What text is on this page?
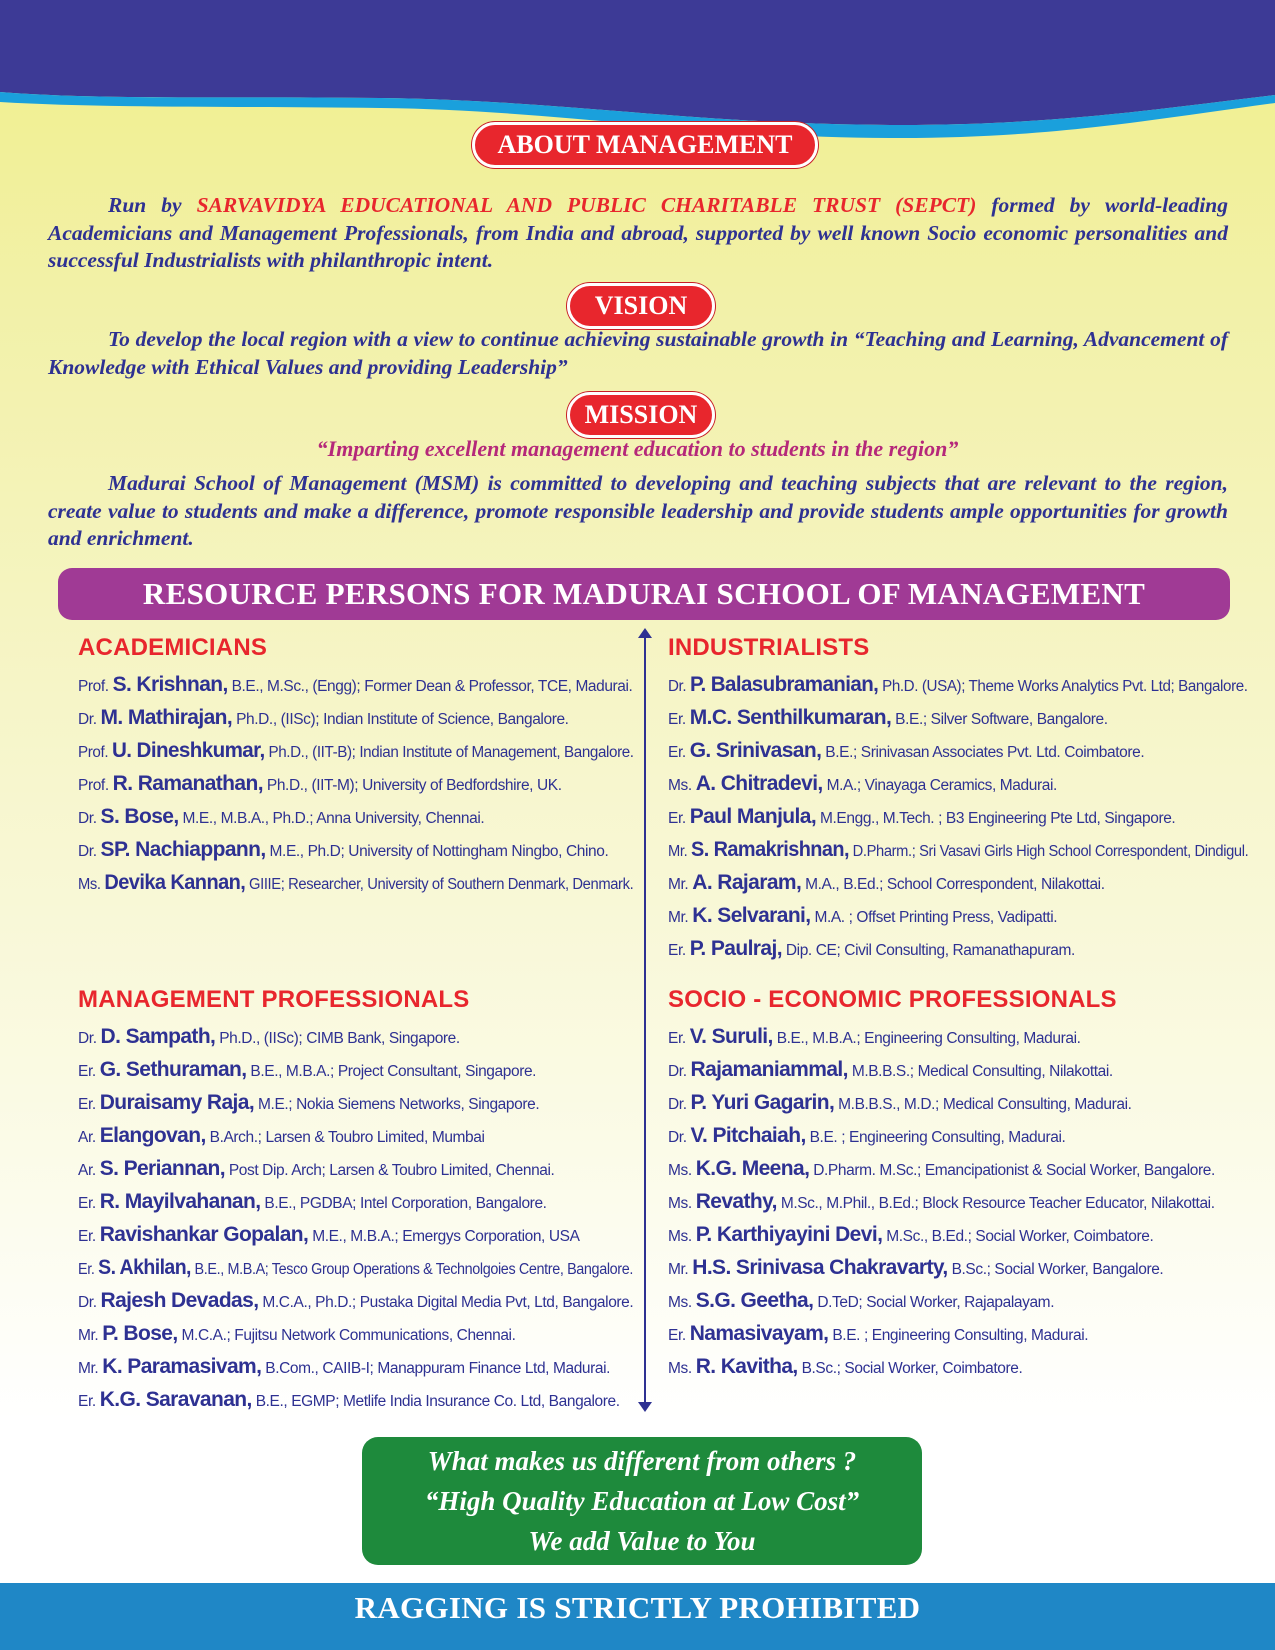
ABOUT MANAGEMENT
Run by SARVAVIDYA EDUCATIONAL AND PUBLIC CHARITABLE TRUST (SEPCT) formed by world-leading Academicians and Management Professionals, from India and abroad, supported by well known Socio economic personalities and successful Industrialists with philanthropic intent.
VISION
To develop the local region with a view to continue achieving sustainable growth in “Teaching and Learning, Advancement of Knowledge with Ethical Values and providing Leadership”
MISSION
“Imparting excellent management education to students in the region”
Madurai School of Management (MSM) is committed to developing and teaching subjects that are relevant to the region, create value to students and make a difference, promote responsible leadership and provide students ample opportunities for growth and enrichment.
RESOURCE PERSONS FOR MADURAI SCHOOL OF MANAGEMENT
ACADEMICIANS
Prof. S. Krishnan, B.E., M.Sc., (Engg); Former Dean & Professor, TCE, Madurai.
Dr. M. Mathirajan, Ph.D., (IISc); Indian Institute of Science, Bangalore.
Prof. U. Dineshkumar, Ph.D., (IIT-B); Indian Institute of Management, Bangalore.
Prof. R. Ramanathan, Ph.D., (IIT-M); University of Bedfordshire, UK.
Dr. S. Bose, M.E., M.B.A., Ph.D.; Anna University, Chennai.
Dr. SP. Nachiappann, M.E., Ph.D; University of Nottingham Ningbo, Chino.
Ms. Devika Kannan, GIIIE; Researcher, University of Southern Denmark, Denmark.
INDUSTRIALISTS
Dr. P. Balasubramanian, Ph.D. (USA); Theme Works Analytics Pvt. Ltd; Bangalore.
Er. M.C. Senthilkumaran, B.E.; Silver Software, Bangalore.
Er. G. Srinivasan, B.E.; Srinivasan Associates Pvt. Ltd. Coimbatore.
Ms. A. Chitradevi, M.A.; Vinayaga Ceramics, Madurai.
Er. Paul Manjula, M.Engg., M.Tech. ; B3 Engineering Pte Ltd, Singapore.
Mr. S. Ramakrishnan, D.Pharm.; Sri Vasavi Girls High School Correspondent, Dindigul.
Mr. A. Rajaram, M.A., B.Ed.; School Correspondent, Nilakottai.
Mr. K. Selvarani, M.A. ; Offset Printing Press, Vadipatti.
Er. P. Paulraj, Dip. CE; Civil Consulting, Ramanathapuram.
MANAGEMENT PROFESSIONALS
Dr. D. Sampath, Ph.D., (IISc); CIMB Bank, Singapore.
Er. G. Sethuraman, B.E., M.B.A.; Project Consultant, Singapore.
Er. Duraisamy Raja, M.E.; Nokia Siemens Networks, Singapore.
Ar. Elangovan, B.Arch.; Larsen & Toubro Limited, Mumbai
Ar. S. Periannan, Post Dip. Arch; Larsen & Toubro Limited, Chennai.
Er. R. Mayilvahanan, B.E., PGDBA; Intel Corporation, Bangalore.
Er. Ravishankar Gopalan, M.E., M.B.A.; Emergys Corporation, USA
Er. S. Akhilan, B.E., M.B.A; Tesco Group Operations & Technolgoies Centre, Bangalore.
Dr. Rajesh Devadas, M.C.A., Ph.D.; Pustaka Digital Media Pvt, Ltd, Bangalore.
Mr. P. Bose, M.C.A.; Fujitsu Network Communications, Chennai.
Mr. K. Paramasivam, B.Com., CAIIB-I; Manappuram Finance Ltd, Madurai.
Er. K.G. Saravanan, B.E., EGMP; Metlife India Insurance Co. Ltd, Bangalore.
SOCIO - ECONOMIC PROFESSIONALS
Er. V. Suruli, B.E., M.B.A.; Engineering Consulting, Madurai.
Dr. Rajamaniammal, M.B.B.S.; Medical Consulting, Nilakottai.
Dr. P. Yuri Gagarin, M.B.B.S., M.D.; Medical Consulting, Madurai.
Dr. V. Pitchaiah, B.E. ; Engineering Consulting, Madurai.
Ms. K.G. Meena, D.Pharm. M.Sc.; Emancipationist & Social Worker, Bangalore.
Ms. Revathy, M.Sc., M.Phil., B.Ed.; Block Resource Teacher Educator, Nilakottai.
Ms. P. Karthiyayini Devi, M.Sc., B.Ed.; Social Worker, Coimbatore.
Mr. H.S. Srinivasa Chakravarty, B.Sc.; Social Worker, Bangalore.
Ms. S.G. Geetha, D.TeD; Social Worker, Rajapalayam.
Er. Namasivayam, B.E. ; Engineering Consulting, Madurai.
Ms. R. Kavitha, B.Sc.; Social Worker, Coimbatore.
What makes us different from others ?
“High Quality Education at Low Cost”
We add Value to You
RAGGING IS STRICTLY PROHIBITED
